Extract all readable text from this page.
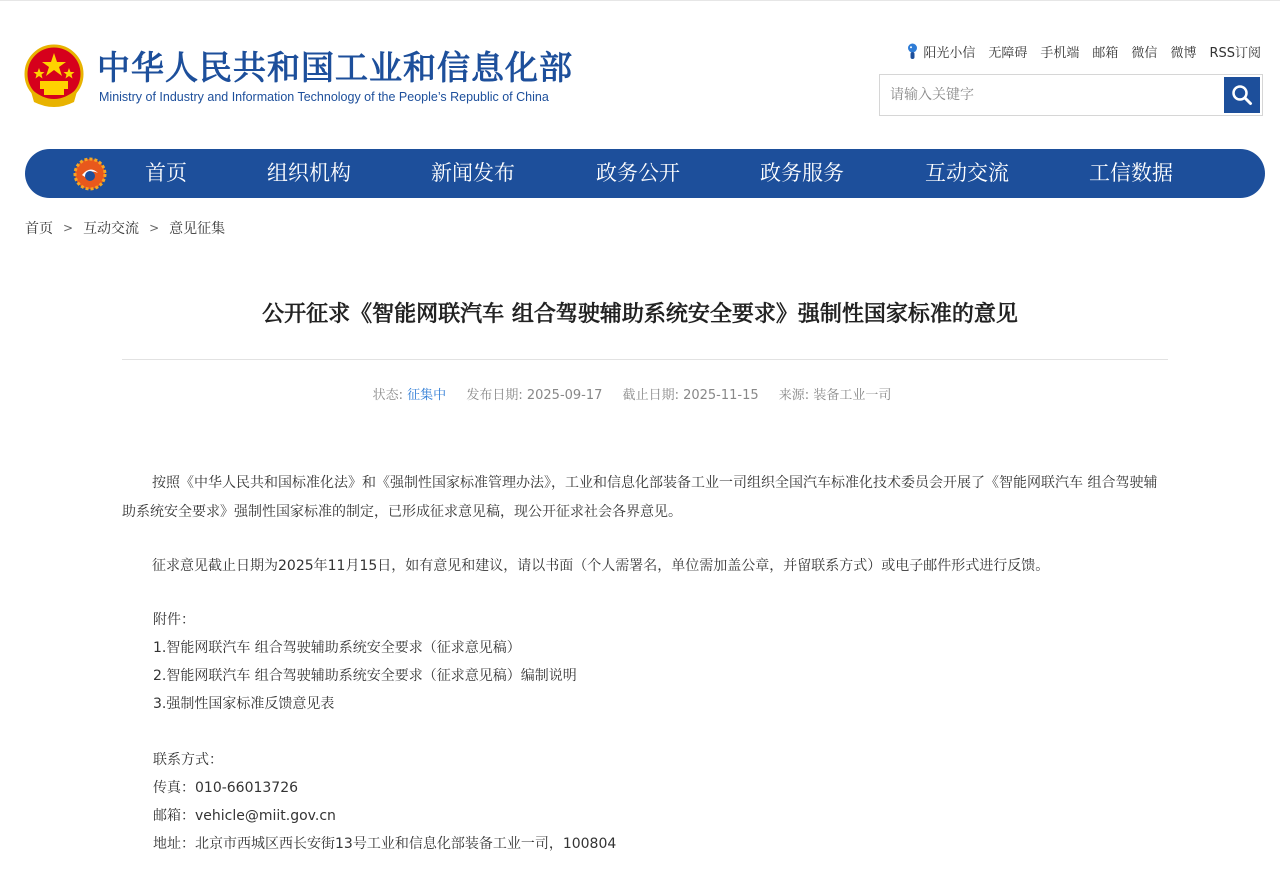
中华人民共和国工业和信息化部
Ministry of Industry and Information Technology of the People’s Republic of China
阳光小信 无障碍 手机端 邮箱 微信 微博 RSS订阅
请输入关键字
首页	组织机构	新闻发布	政务公开	政务服务	互动交流	工信数据
首页 > 互动交流 > 意见征集
公开征求《智能网联汽车 组合驾驶辅助系统安全要求》强制性国家标准的意见
状态: 征集中 发布日期: 2025-09-17 截止日期: 2025-11-15 来源: 装备工业一司
按照《中华人民共和国标准化法》和《强制性国家标准管理办法》，工业和信息化部装备工业一司组织全国汽车标准化技术委员会开展了《智能网联汽车 组合驾驶辅助系统安全要求》强制性国家标准的制定，已形成征求意见稿，现公开征求社会各界意见。
征求意见截止日期为2025年11月15日，如有意见和建议，请以书面（个人需署名，单位需加盖公章，并留联系方式）或电子邮件形式进行反馈。
附件：
1.智能网联汽车 组合驾驶辅助系统安全要求（征求意见稿）
2.智能网联汽车 组合驾驶辅助系统安全要求（征求意见稿）编制说明
3.强制性国家标准反馈意见表
联系方式：
传真：010-66013726
邮箱：vehicle@miit.gov.cn
地址：北京市西城区西长安街13号工业和信息化部装备工业一司，100804
